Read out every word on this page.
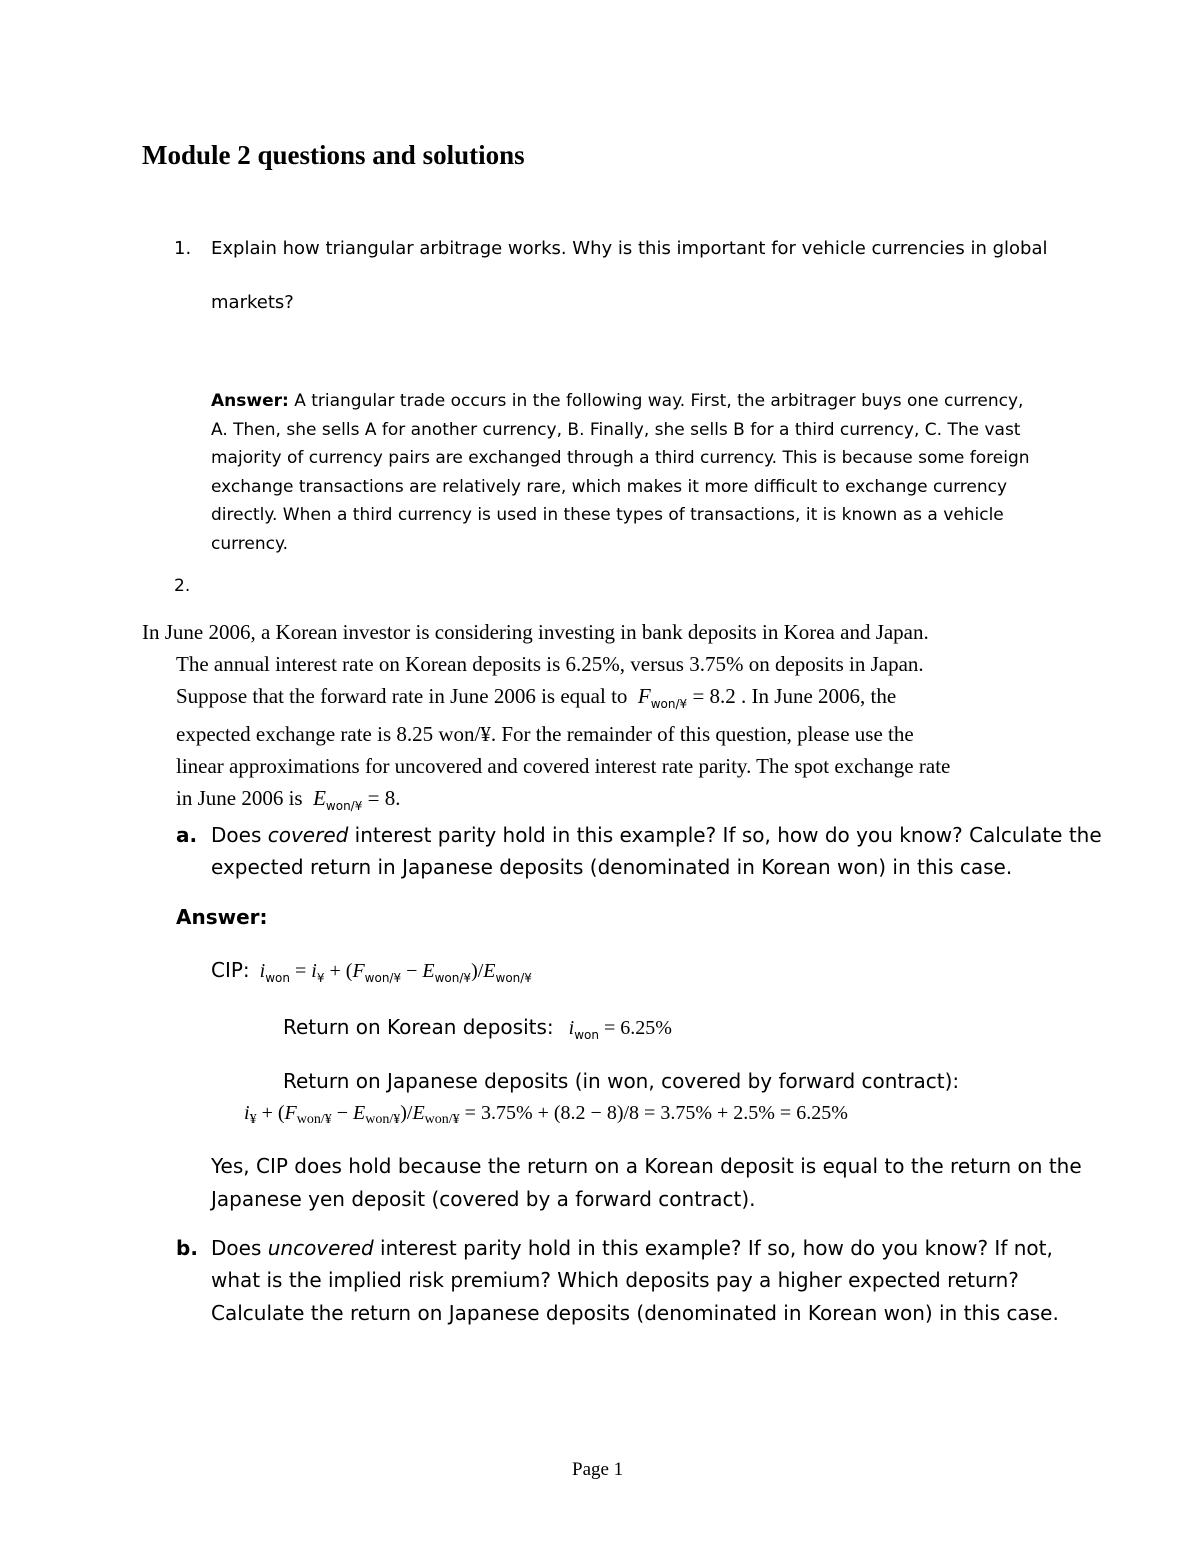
Module 2 questions and solutions
1. Explain how triangular arbitrage works. Why is this important for vehicle currencies in global
markets?
Answer: A triangular trade occurs in the following way. First, the arbitrager buys one currency,
A. Then, she sells A for another currency, B. Finally, she sells B for a third currency, C. The vast
majority of currency pairs are exchanged through a third currency. This is because some foreign
exchange transactions are relatively rare, which makes it more difficult to exchange currency
directly. When a third currency is used in these types of transactions, it is known as a vehicle
currency.
2.
In June 2006, a Korean investor is considering investing in bank deposits in Korea and Japan.
The annual interest rate on Korean deposits is 6.25%, versus 3.75% on deposits in Japan.
Suppose that the forward rate in June 2006 is equal to $F_{won/¥} = 8.2$ . In June 2006, the
expected exchange rate is 8.25 won/¥. For the remainder of this question, please use the
linear approximations for uncovered and covered interest rate parity. The spot exchange rate
in June 2006 is $E_{won/¥} = 8$.
a. Does covered interest parity hold in this example? If so, how do you know? Calculate the
expected return in Japanese deposits (denominated in Korean won) in this case.
Answer:
CIP: $i_{won} = i_¥ + (F_{won/¥} - E_{won/¥})/E_{won/¥}$
Return on Korean deposits: $i_{won} = 6.25\%$
Return on Japanese deposits (in won, covered by forward contract):
$i_¥ + (F_{won/¥} - E_{won/¥})/E_{won/¥} = 3.75\% + (8.2 - 8)/8 = 3.75\% + 2.5\% = 6.25\%$
Yes, CIP does hold because the return on a Korean deposit is equal to the return on the
Japanese yen deposit (covered by a forward contract).
b. Does uncovered interest parity hold in this example? If so, how do you know? If not,
what is the implied risk premium? Which deposits pay a higher expected return?
Calculate the return on Japanese deposits (denominated in Korean won) in this case.
Page 1
